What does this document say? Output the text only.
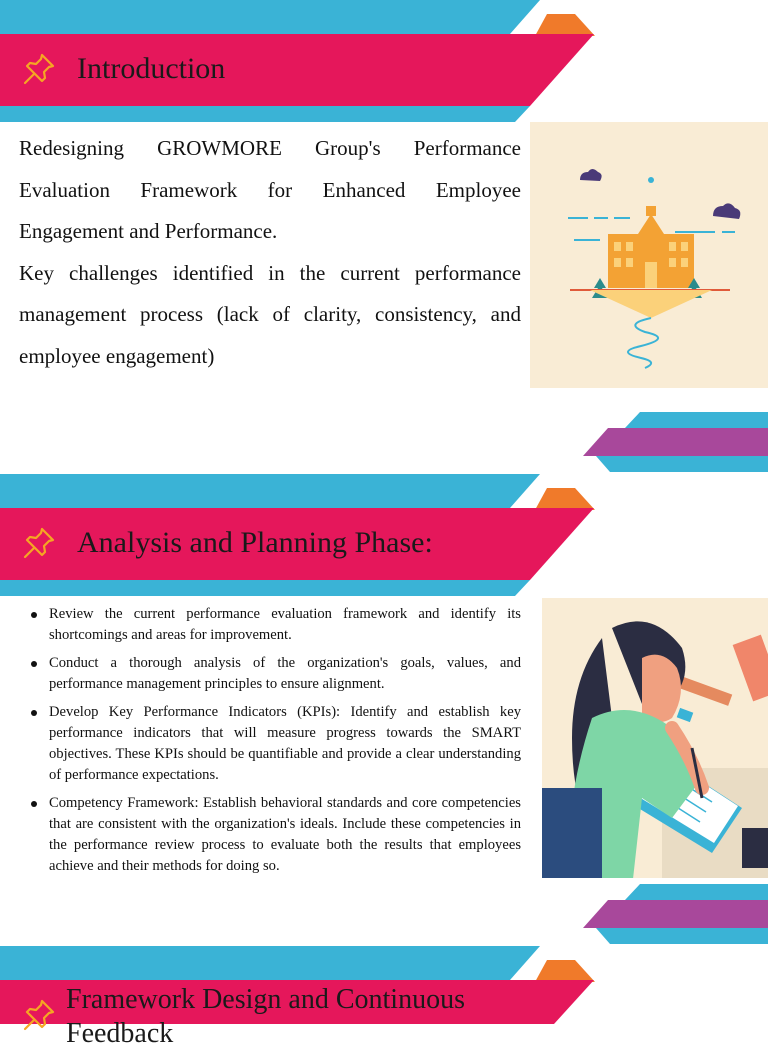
Introduction

Redesigning GROWMORE Group's Performance Evaluation Framework for Enhanced Employee Engagement and Performance.

Key challenges identified in the current performance management process (lack of clarity, consistency, and employee engagement)

Analysis and Planning Phase:
Review the current performance evaluation framework and identify its shortcomings and areas for improvement.
Conduct a thorough analysis of the organization's goals, values, and performance management principles to ensure alignment.
Develop Key Performance Indicators (KPIs): Identify and establish key performance indicators that will measure progress towards the SMART objectives. These KPIs should be quantifiable and provide a clear understanding of performance expectations.
Competency Framework: Establish behavioral standards and core competencies that are consistent with the organization's ideals. Include these competencies in the performance review process to evaluate both the results that employees achieve and their methods for doing so.
Framework Design and Continuous
Feedback
